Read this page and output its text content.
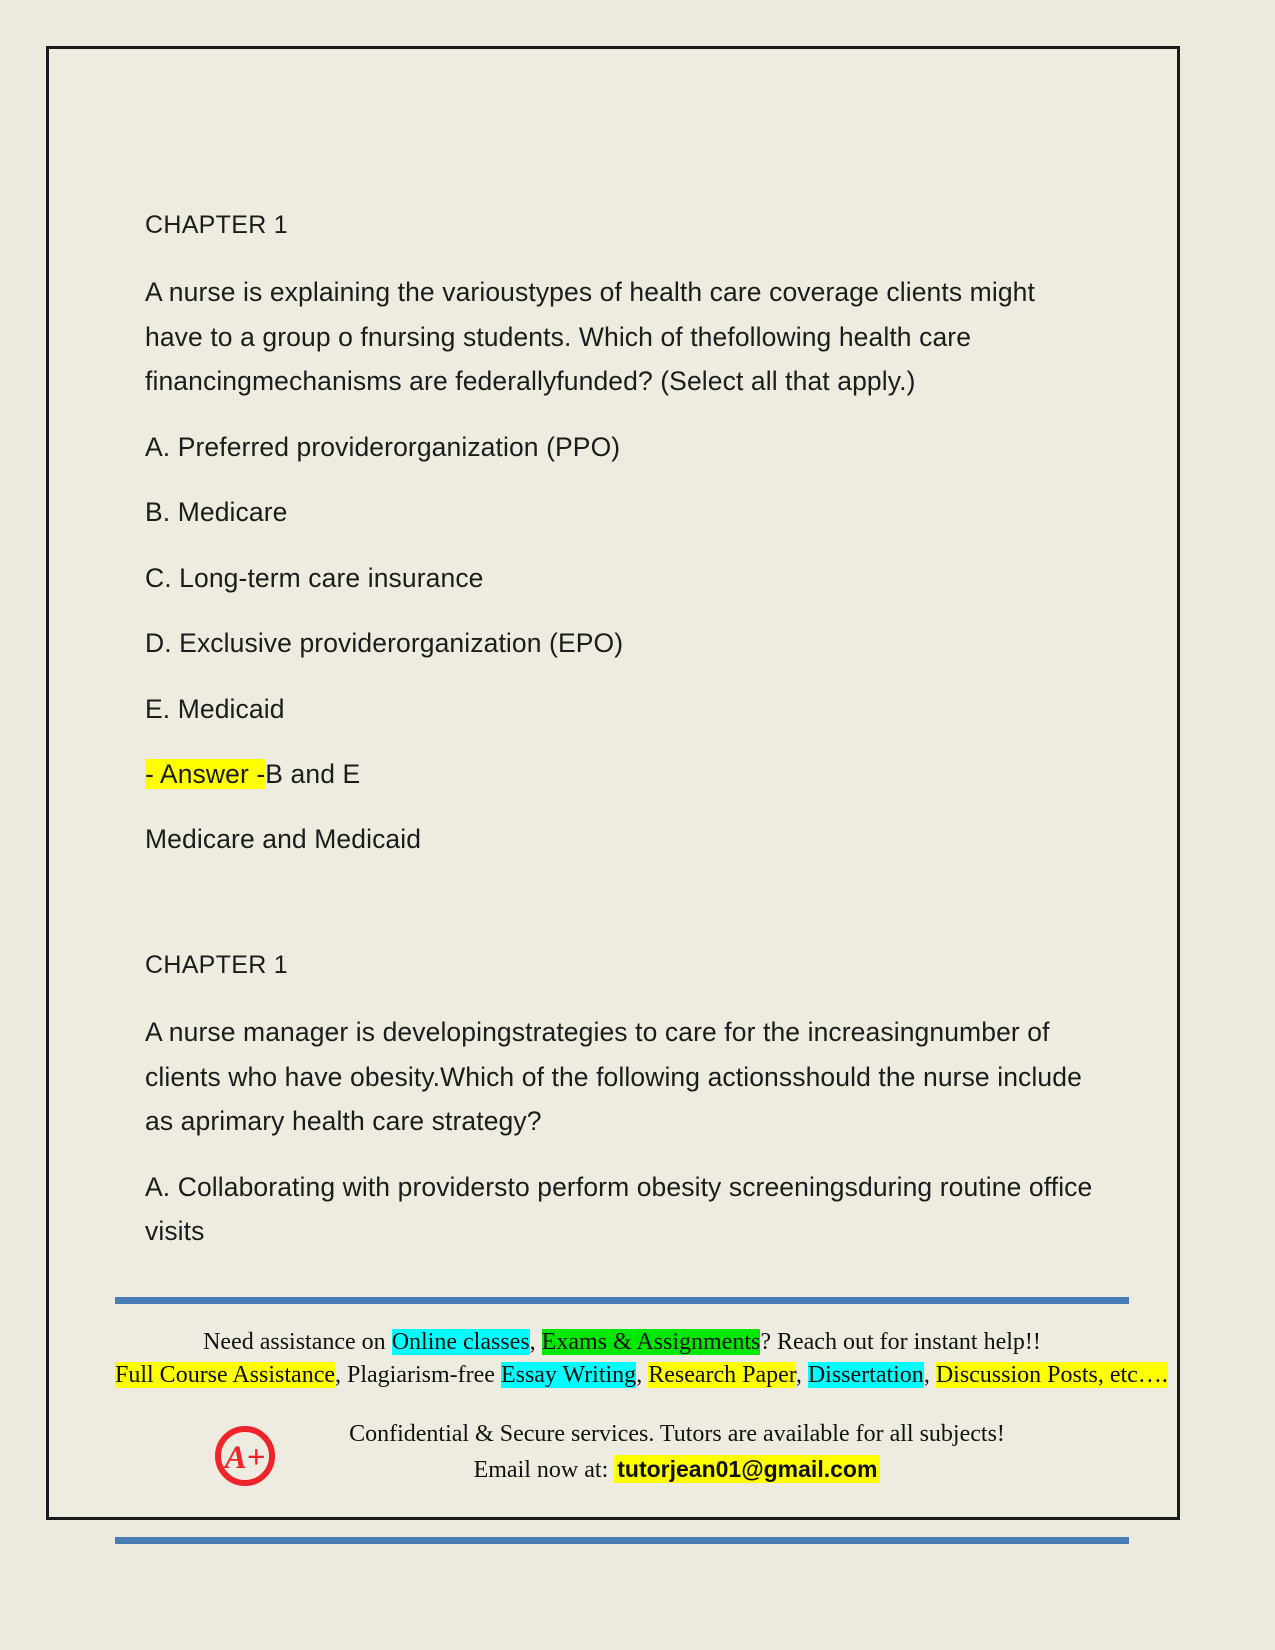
CHAPTER 1

A nurse is explaining the varioustypes of health care coverage clients might have to a group o fnursing students. Which of thefollowing health care financingmechanisms are federallyfunded? (Select all that apply.)

A. Preferred providerorganization (PPO)

B. Medicare

C. Long-term care insurance

D. Exclusive providerorganization (EPO)

E. Medicaid

- Answer -B and E

Medicare and Medicaid

CHAPTER 1

A nurse manager is developingstrategies to care for the increasingnumber of clients who have obesity.Which of the following actionsshould the nurse include as aprimary health care strategy?

A. Collaborating with providersto perform obesity screeningsduring routine office visits

Need assistance on Online classes, Exams & Assignments? Reach out for instant help!!
Full Course Assistance, Plagiarism-free Essay Writing, Research Paper, Dissertation, Discussion Posts, etc….
A+
Confidential & Secure services. Tutors are available for all subjects!
Email now at: tutorjean01@gmail.com
